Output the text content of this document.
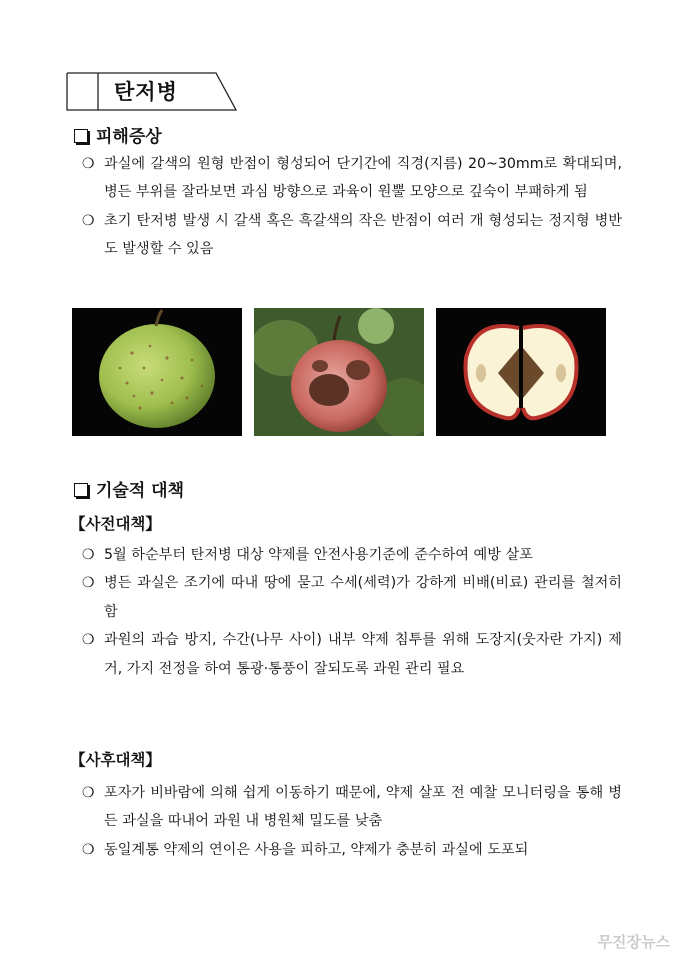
탄저병
피해증상
❍ 과실에 갈색의 원형 반점이 형성되어 단기간에 직경(지름) 20~30mm로 확대되며, 병든 부위를 잘라보면 과심 방향으로 과육이 원뿔 모양으로 깊숙이 부패하게 됨
❍ 초기 탄저병 발생 시 갈색 혹은 흑갈색의 작은 반점이 여러 개 형성되는 정지형 병반도 발생할 수 있음
기술적 대책
【사전대책】
❍ 5월 하순부터 탄저병 대상 약제를 안전사용기준에 준수하여 예방 살포
❍ 병든 과실은 조기에 따내 땅에 묻고 수세(세력)가 강하게 비배(비료) 관리를 철저히 함
❍ 과원의 과습 방지, 수간(나무 사이) 내부 약제 침투를 위해 도장지(웃자란 가지) 제거, 가지 전정을 하여 통광·통풍이 잘되도록 과원 관리 필요
【사후대책】
❍ 포자가 비바람에 의해 쉽게 이동하기 때문에, 약제 살포 전 예찰 모니터링을 통해 병든 과실을 따내어 과원 내 병원체 밀도를 낮춤
❍ 동일계통 약제의 연이은 사용을 피하고, 약제가 충분히 과실에 도포되
무진장뉴스
